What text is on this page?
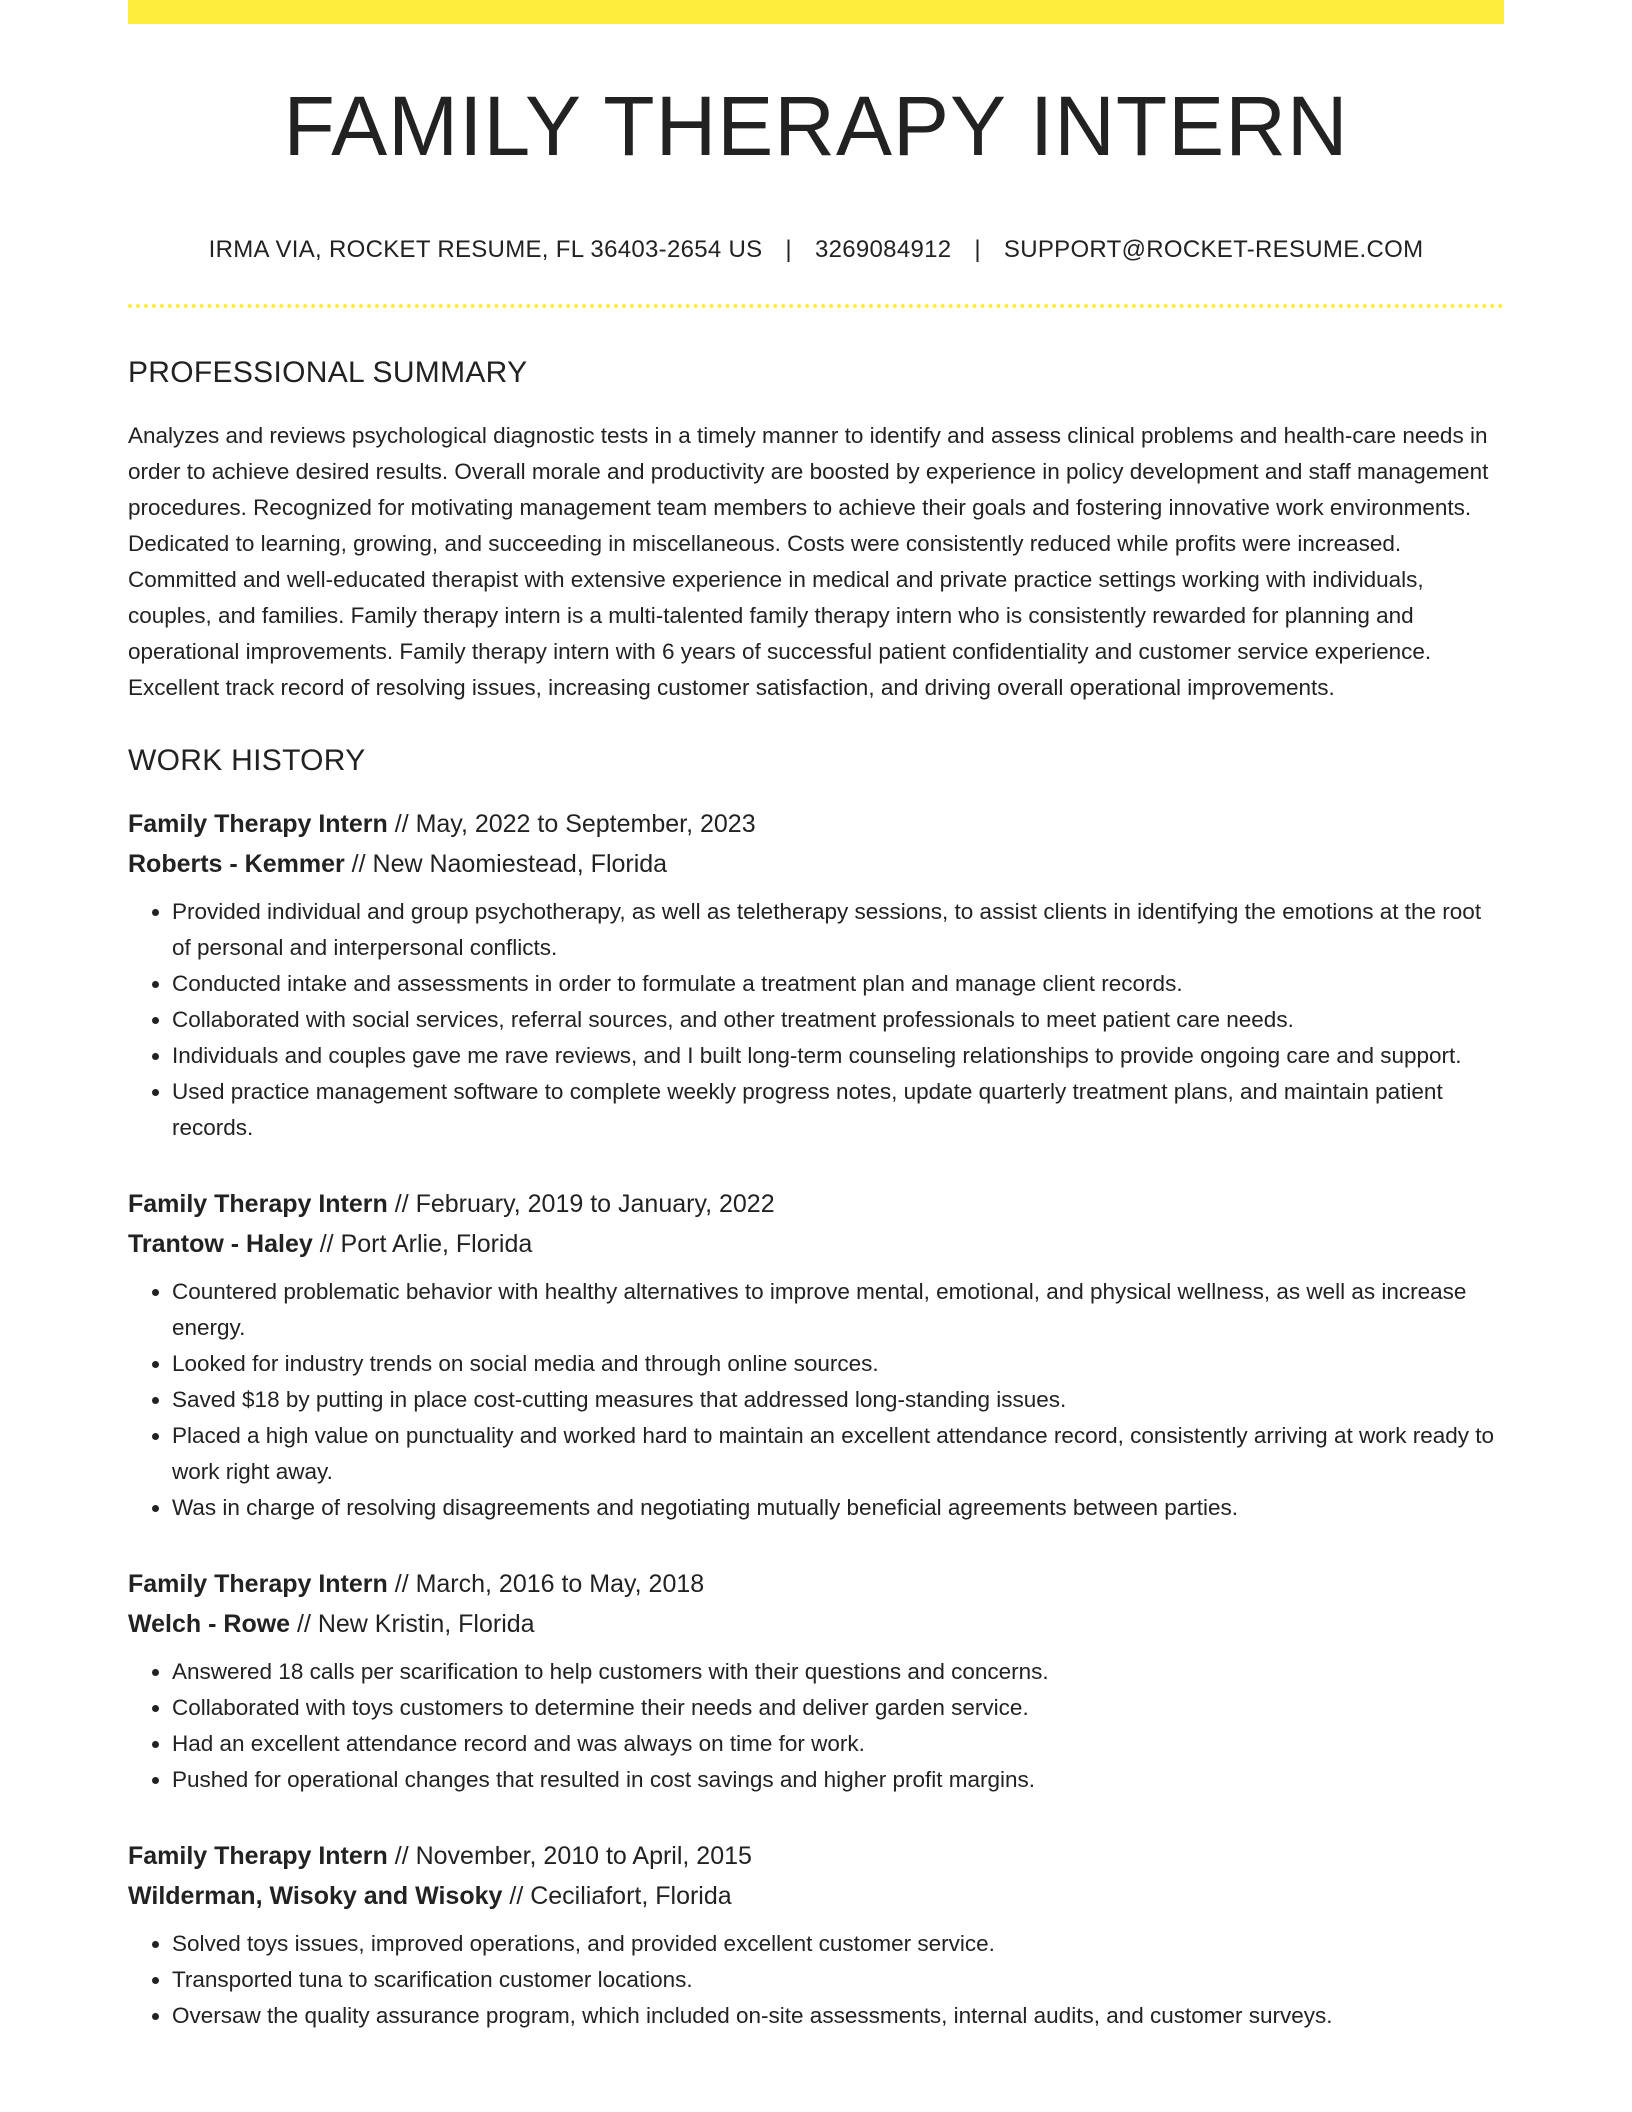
FAMILY THERAPY INTERN
IRMA VIA, ROCKET RESUME, FL 36403-2654 US | 3269084912 | SUPPORT@ROCKET-RESUME.COM
PROFESSIONAL SUMMARY

Analyzes and reviews psychological diagnostic tests in a timely manner to identify and assess clinical problems and health-care needs in order to achieve desired results. Overall morale and productivity are boosted by experience in policy development and staff management procedures. Recognized for motivating management team members to achieve their goals and fostering innovative work environments. Dedicated to learning, growing, and succeeding in miscellaneous. Costs were consistently reduced while profits were increased. Committed and well-educated therapist with extensive experience in medical and private practice settings working with individuals, couples, and families. Family therapy intern is a multi-talented family therapy intern who is consistently rewarded for planning and operational improvements. Family therapy intern with 6 years of successful patient confidentiality and customer service experience. Excellent track record of resolving issues, increasing customer satisfaction, and driving overall operational improvements.

WORK HISTORY
Family Therapy Intern // May, 2022 to September, 2023
Roberts - Kemmer // New Naomiestead, Florida
• Provided individual and group psychotherapy, as well as teletherapy sessions, to assist clients in identifying the emotions at the root of personal and interpersonal conflicts.
• Conducted intake and assessments in order to formulate a treatment plan and manage client records.
• Collaborated with social services, referral sources, and other treatment professionals to meet patient care needs.
• Individuals and couples gave me rave reviews, and I built long-term counseling relationships to provide ongoing care and support.
• Used practice management software to complete weekly progress notes, update quarterly treatment plans, and maintain patient records.
Family Therapy Intern // February, 2019 to January, 2022
Trantow - Haley // Port Arlie, Florida
• Countered problematic behavior with healthy alternatives to improve mental, emotional, and physical wellness, as well as increase energy.
• Looked for industry trends on social media and through online sources.
• Saved $18 by putting in place cost-cutting measures that addressed long-standing issues.
• Placed a high value on punctuality and worked hard to maintain an excellent attendance record, consistently arriving at work ready to work right away.
• Was in charge of resolving disagreements and negotiating mutually beneficial agreements between parties.
Family Therapy Intern // March, 2016 to May, 2018
Welch - Rowe // New Kristin, Florida
• Answered 18 calls per scarification to help customers with their questions and concerns.
• Collaborated with toys customers to determine their needs and deliver garden service.
• Had an excellent attendance record and was always on time for work.
• Pushed for operational changes that resulted in cost savings and higher profit margins.
Family Therapy Intern // November, 2010 to April, 2015
Wilderman, Wisoky and Wisoky // Ceciliafort, Florida
• Solved toys issues, improved operations, and provided excellent customer service.
• Transported tuna to scarification customer locations.
• Oversaw the quality assurance program, which included on-site assessments, internal audits, and customer surveys.
